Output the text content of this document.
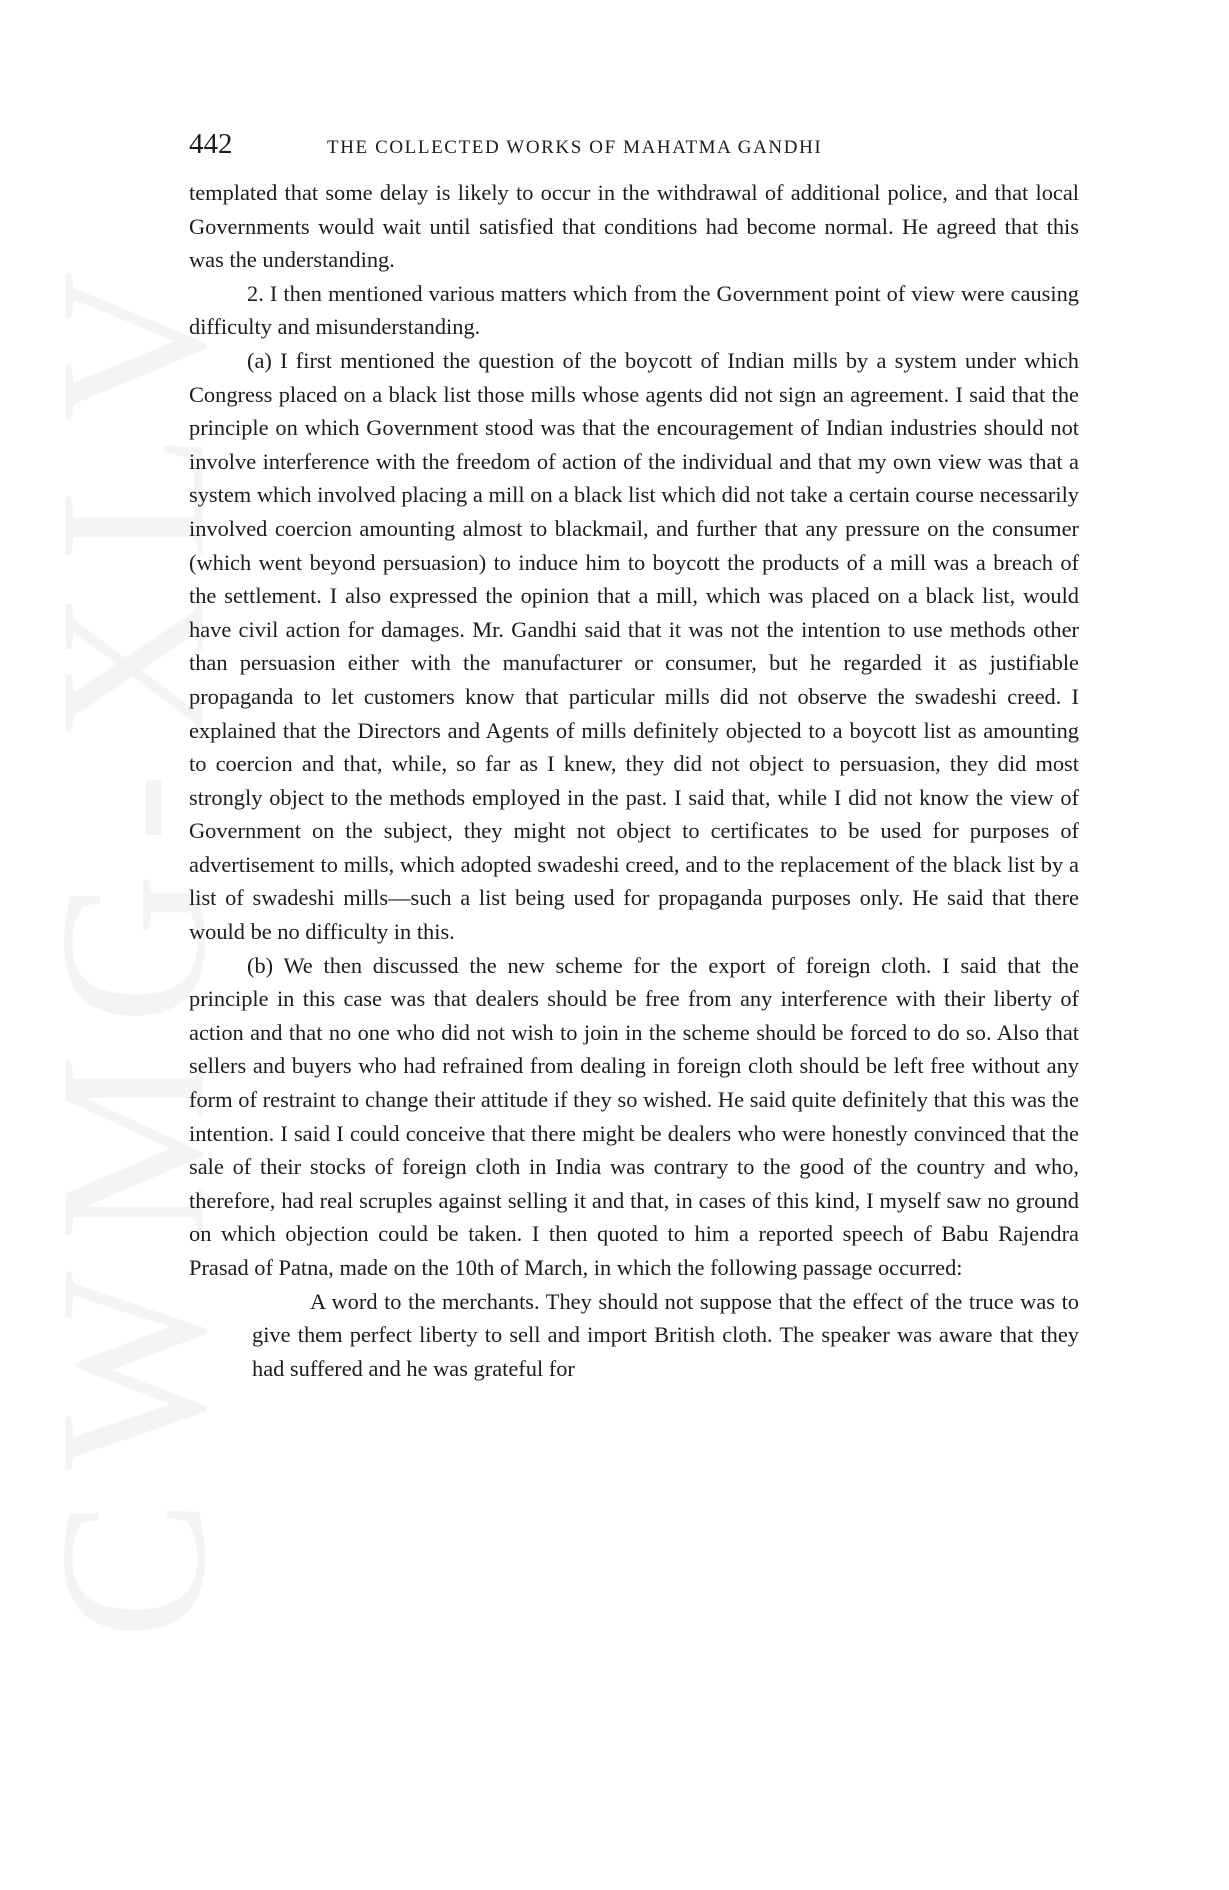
CWMG-XLV
442	THE COLLECTED WORKS OF MAHATMA GANDHI

templated that some delay is likely to occur in the withdrawal of additional police, and that local Governments would wait until satisfied that conditions had become normal. He agreed that this was the understanding.

2. I then mentioned various matters which from the Government point of view were causing difficulty and misunderstanding.

(a) I first mentioned the question of the boycott of Indian mills by a system under which Congress placed on a black list those mills whose agents did not sign an agreement. I said that the principle on which Government stood was that the encouragement of Indian industries should not involve interference with the freedom of action of the individual and that my own view was that a system which involved placing a mill on a black list which did not take a certain course necessarily involved coercion amounting almost to blackmail, and further that any pressure on the consumer (which went beyond persuasion) to induce him to boycott the products of a mill was a breach of the settlement. I also expressed the opinion that a mill, which was placed on a black list, would have civil action for damages. Mr. Gandhi said that it was not the intention to use methods other than persuasion either with the manufacturer or consumer, but he regarded it as justifiable propaganda to let customers know that particular mills did not observe the swadeshi creed. I explained that the Directors and Agents of mills definitely objected to a boycott list as amounting to coercion and that, while, so far as I knew, they did not object to persuasion, they did most strongly object to the methods employed in the past. I said that, while I did not know the view of Government on the subject, they might not object to certificates to be used for purposes of advertisement to mills, which adopted swadeshi creed, and to the replacement of the black list by a list of swadeshi mills—such a list being used for propaganda purposes only. He said that there would be no difficulty in this.

(b) We then discussed the new scheme for the export of foreign cloth. I said that the principle in this case was that dealers should be free from any interference with their liberty of action and that no one who did not wish to join in the scheme should be forced to do so. Also that sellers and buyers who had refrained from dealing in foreign cloth should be left free without any form of restraint to change their attitude if they so wished. He said quite definitely that this was the intention. I said I could conceive that there might be dealers who were honestly convinced that the sale of their stocks of foreign cloth in India was contrary to the good of the country and who, therefore, had real scruples against selling it and that, in cases of this kind, I myself saw no ground on which objection could be taken. I then quoted to him a reported speech of Babu Rajendra Prasad of Patna, made on the 10th of March, in which the following passage occurred:

A word to the merchants. They should not suppose that the effect of the truce was to give them perfect liberty to sell and import British cloth. The speaker was aware that they had suffered and he was grateful for
